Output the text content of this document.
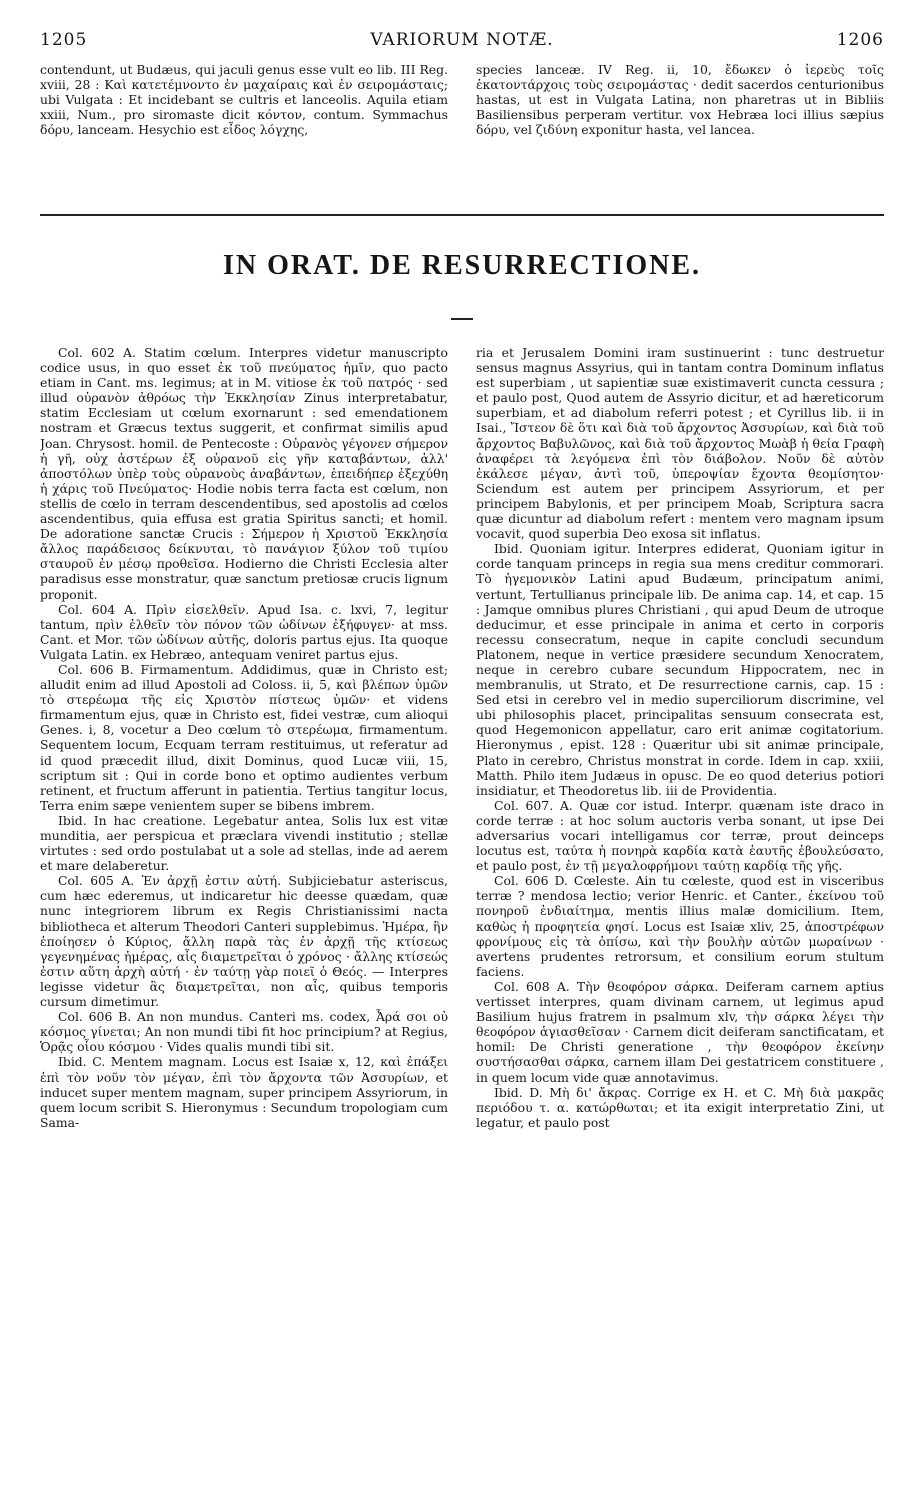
1205	VARIORUM NOTÆ.	1206

contendunt, ut Budæus, qui jaculi genus esse vult eo lib. III Reg. xviii, 28 : Καὶ κατετέμνοντο ἐν μαχαίραις καὶ ἐν σειρομάσταις; ubi Vulgata : Et incidebant se cultris et lanceolis. Aquila etiam xxiii, Num., pro siromaste dicit κόντον, contum. Symmachus δόρυ, lanceam. Hesychio est εἶδος λόγχης,

species lanceæ. IV Reg. ii, 10, ἔδωκεν ὁ ἱερεὺς τοῖς ἑκατοντάρχοις τοὺς σειρομάστας · dedit sacerdos centurionibus hastas, ut est in Vulgata Latina, non pharetras ut in Bibliis Basiliensibus perperam vertitur. vox Hebræa loci illius sæpius δόρυ, vel ζιδύνη exponitur hasta, vel lancea.

IN ORAT. DE RESURRECTIONE.

Col. 602 A. Statim cœlum. Interpres videtur manuscripto codice usus, in quo esset ἐκ τοῦ πνεύματος ἡμῖν, quo pacto etiam in Cant. ms. legimus; at in M. vitiose ἐκ τοῦ πατρός · sed illud οὐρανὸν ἀθρόως τὴν Ἐκκλησίαν Zinus interpretabatur, statim Ecclesiam ut cœlum exornarunt : sed emendationem nostram et Græcus textus suggerit, et confirmat similis apud Joan. Chrysost. homil. de Pentecoste : Οὐρανὸς γέγονεν σήμερον ἡ γῆ, οὐχ ἀστέρων ἐξ οὐρανοῦ εἰς γῆν καταβάντων, ἀλλ' ἀποστόλων ὑπὲρ τοὺς οὐρανοὺς ἀναβάντων, ἐπειδήπερ ἐξεχύθη ἡ χάρις τοῦ Πνεύματος· Hodie nobis terra facta est cœlum, non stellis de cœlo in terram descendentibus, sed apostolis ad cœlos ascendentibus, quia effusa est gratia Spiritus sancti; et homil. De adoratione sanctæ Crucis : Σήμερον ἡ Χριστοῦ Ἐκκλησία ἄλλος παράδεισος δείκνυται, τὸ πανάγιον ξύλον τοῦ τιμίου σταυροῦ ἐν μέσῳ προθεῖσα. Hodierno die Christi Ecclesia alter paradisus esse monstratur, quæ sanctum pretiosæ crucis lignum proponit.

Col. 604 A. Πρὶν εἰσελθεῖν. Apud Isa. c. lxvi, 7, legitur tantum, πρὶν ἐλθεῖν τὸν πόνον τῶν ὠδίνων ἐξήφυγεν· at mss. Cant. et Mor. τῶν ὠδίνων αὐτῆς, doloris partus ejus. Ita quoque Vulgata Latin. ex Hebræo, antequam veniret partus ejus.

Col. 606 B. Firmamentum. Addidimus, quæ in Christo est; alludit enim ad illud Apostoli ad Coloss. ii, 5, καὶ βλέπων ὑμῶν τὸ στερέωμα τῆς εἰς Χριστὸν πίστεως ὑμῶν· et videns firmamentum ejus, quæ in Christo est, fidei vestræ, cum alioqui Genes. i, 8, vocetur a Deo cœlum τὸ στερέωμα, firmamentum. Sequentem locum, Ecquam terram restituimus, ut referatur ad id quod præcedit illud, dixit Dominus, quod Lucæ viii, 15, scriptum sit : Qui in corde bono et optimo audientes verbum retinent, et fructum afferunt in patientia. Tertius tangitur locus, Terra enim sæpe venientem super se bibens imbrem.

Ibid. In hac creatione. Legebatur antea, Solis lux est vitæ munditia, aer perspicua et præclara vivendi institutio ; stellæ virtutes : sed ordo postulabat ut a sole ad stellas, inde ad aerem et mare delaberetur.

Col. 605 A. Ἐν ἀρχῇ ἐστιν αὐτή. Subjiciebatur asteriscus, cum hæc ederemus, ut indicaretur hic deesse quædam, quæ nunc integriorem librum ex Regis Christianissimi nacta bibliotheca et alterum Theodori Canteri supplebimus. Ἡμέρα, ἣν ἐποίησεν ὁ Κύριος, ἄλλη παρὰ τὰς ἐν ἀρχῇ τῆς κτίσεως γεγενημένας ἡμέρας, αἷς διαμετρεῖται ὁ χρόνος · ἄλλης κτίσεώς ἐστιν αὕτη ἀρχὴ αὐτή · ἐν ταύτῃ γὰρ ποιεῖ ὁ Θεός. — Interpres legisse videtur ἃς διαμετρεῖται, non αἷς, quibus temporis cursum dimetimur.

Col. 606 B. An non mundus. Canteri ms. codex, Ἆρά σοι οὐ κόσμος γίνεται; An non mundi tibi fit hoc principium? at Regius, Ὁρᾷς οἷου κόσμου · Vides qualis mundi tibi sit.

Ibid. C. Mentem magnam. Locus est Isaiæ x, 12, καὶ ἐπάξει ἐπὶ τὸν νοῦν τὸν μέγαν, ἐπὶ τὸν ἄρχοντα τῶν Ἀσσυρίων, et inducet super mentem magnam, super principem Assyriorum, in quem locum scribit S. Hieronymus : Secundum tropologiam cum Sama-

ria et Jerusalem Domini iram sustinuerint : tunc destruetur sensus magnus Assyrius, qui in tantam contra Dominum inflatus est superbiam , ut sapientiæ suæ existimaverit cuncta cessura ; et paulo post, Quod autem de Assyrio dicitur, et ad hæreticorum superbiam, et ad diabolum referri potest ; et Cyrillus lib. ii in Isai., Ἴστεον δὲ ὅτι καὶ διὰ τοῦ ἄρχοντος Ἀσσυρίων, καὶ διὰ τοῦ ἄρχοντος Βαβυλῶνος, καὶ διὰ τοῦ ἄρχοντος Μωὰβ ἡ θεία Γραφὴ ἀναφέρει τὰ λεγόμενα ἐπὶ τὸν διάβολον. Νοῦν δὲ αὐτὸν ἐκάλεσε μέγαν, ἀντὶ τοῦ, ὑπεροψίαν ἔχοντα θεομίσητον· Sciendum est autem per principem Assyriorum, et per principem Babylonis, et per principem Moab, Scriptura sacra quæ dicuntur ad diabolum refert : mentem vero magnam ipsum vocavit, quod superbia Deo exosa sit inflatus.

Ibid. Quoniam igitur. Interpres ediderat, Quoniam igitur in corde tanquam princeps in regia sua mens creditur commorari. Τὸ ἡγεμονικὸν Latini apud Budæum, principatum animi, vertunt, Tertullianus principale lib. De anima cap. 14, et cap. 15 : Jamque omnibus plures Christiani , qui apud Deum de utroque deducimur, et esse principale in anima et certo in corporis recessu consecratum, neque in capite concludi secundum Platonem, neque in vertice præsidere secundum Xenocratem, neque in cerebro cubare secundum Hippocratem, nec in membranulis, ut Strato, et De resurrectione carnis, cap. 15 : Sed etsi in cerebro vel in medio superciliorum discrimine, vel ubi philosophis placet, principalitas sensuum consecrata est, quod Hegemonicon appellatur, caro erit animæ cogitatorium. Hieronymus , epist. 128 : Quæritur ubi sit animæ principale, Plato in cerebro, Christus monstrat in corde. Idem in cap. xxiii, Matth. Philo item Judæus in opusc. De eo quod deterius potiori insidiatur, et Theodoretus lib. iii de Providentia.

Col. 607. A. Quæ cor istud. Interpr. quænam iste draco in corde terræ : at hoc solum auctoris verba sonant, ut ipse Dei adversarius vocari intelligamus cor terræ, prout deinceps locutus est, ταύτα ἡ πονηρὰ καρδία κατὰ ἑαυτῆς ἐβουλεύσατο, et paulo post, ἐν τῇ μεγαλοφρήμονι ταύτῃ καρδίᾳ τῆς γῆς.

Col. 606 D. Cœleste. Ain tu cœleste, quod est in visceribus terræ ? mendosa lectio; verior Henric. et Canter., ἐκείνου τοῦ πονηροῦ ἐνδιαίτημα, mentis illius malæ domicilium. Item, καθὼς ἡ προφητεία φησί. Locus est Isaiæ xliv, 25, ἀποστρέφων φρονίμους εἰς τὰ ὀπίσω, καὶ τὴν βουλὴν αὐτῶν μωραίνων · avertens prudentes retrorsum, et consilium eorum stultum faciens.

Col. 608 A. Τὴν θεοφόρον σάρκα. Deiferam carnem aptius vertisset interpres, quam divinam carnem, ut legimus apud Basilium hujus fratrem in psalmum xlv, τὴν σάρκα λέγει τὴν θεοφόρον ἁγιασθεῖσαν · Carnem dicit deiferam sanctificatam, et homil: De Christi generatione , τὴν θεοφόρον ἐκείνην συστήσασθαι σάρκα, carnem illam Dei gestatricem constituere , in quem locum vide quæ annotavimus.

Ibid. D. Μὴ δι' ἄκρας. Corrige ex H. et C. Μὴ διὰ μακρᾶς περιόδου τ. α. κατώρθωται; et ita exigit interpretatio Zini, ut legatur, et paulo post
